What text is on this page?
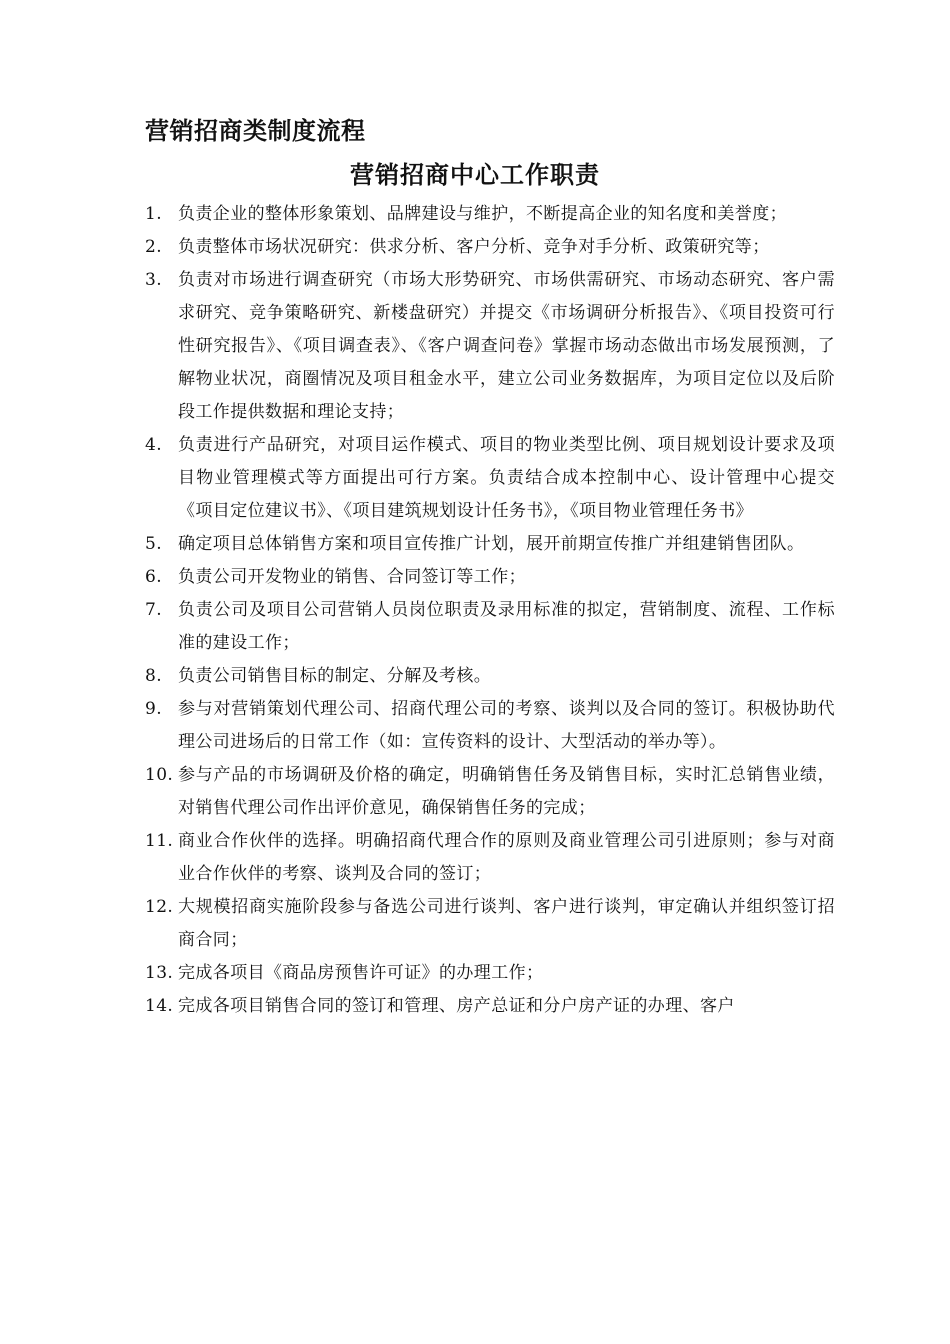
营销招商类制度流程
营销招商中心工作职责
1. 负责企业的整体形象策划、品牌建设与维护，不断提高企业的知名度和美誉度；
2. 负责整体市场状况研究：供求分析、客户分析、竞争对手分析、政策研究等；
3. 负责对市场进行调查研究（市场大形势研究、市场供需研究、市场动态研究、客户需求研究、竞争策略研究、新楼盘研究）并提交《市场调研分析报告》、《项目投资可行性研究报告》、《项目调查表》、《客户调查问卷》掌握市场动态做出市场发展预测，了解物业状况，商圈情况及项目租金水平，建立公司业务数据库，为项目定位以及后阶段工作提供数据和理论支持；
4. 负责进行产品研究，对项目运作模式、项目的物业类型比例、项目规划设计要求及项目物业管理模式等方面提出可行方案。负责结合成本控制中心、设计管理中心提交《项目定位建议书》、《项目建筑规划设计任务书》，《项目物业管理任务书》
5. 确定项目总体销售方案和项目宣传推广计划，展开前期宣传推广并组建销售团队。
6. 负责公司开发物业的销售、合同签订等工作；
7. 负责公司及项目公司营销人员岗位职责及录用标准的拟定，营销制度、流程、工作标准的建设工作；
8. 负责公司销售目标的制定、分解及考核。
9. 参与对营销策划代理公司、招商代理公司的考察、谈判以及合同的签订。积极协助代理公司进场后的日常工作（如：宣传资料的设计、大型活动的举办等）。
10. 参与产品的市场调研及价格的确定，明确销售任务及销售目标，实时汇总销售业绩，对销售代理公司作出评价意见，确保销售任务的完成；
11. 商业合作伙伴的选择。明确招商代理合作的原则及商业管理公司引进原则；参与对商业合作伙伴的考察、谈判及合同的签订；
12. 大规模招商实施阶段参与备选公司进行谈判、客户进行谈判，审定确认并组织签订招商合同；
13. 完成各项目《商品房预售许可证》的办理工作；
14. 完成各项目销售合同的签订和管理、房产总证和分户房产证的办理、客户
